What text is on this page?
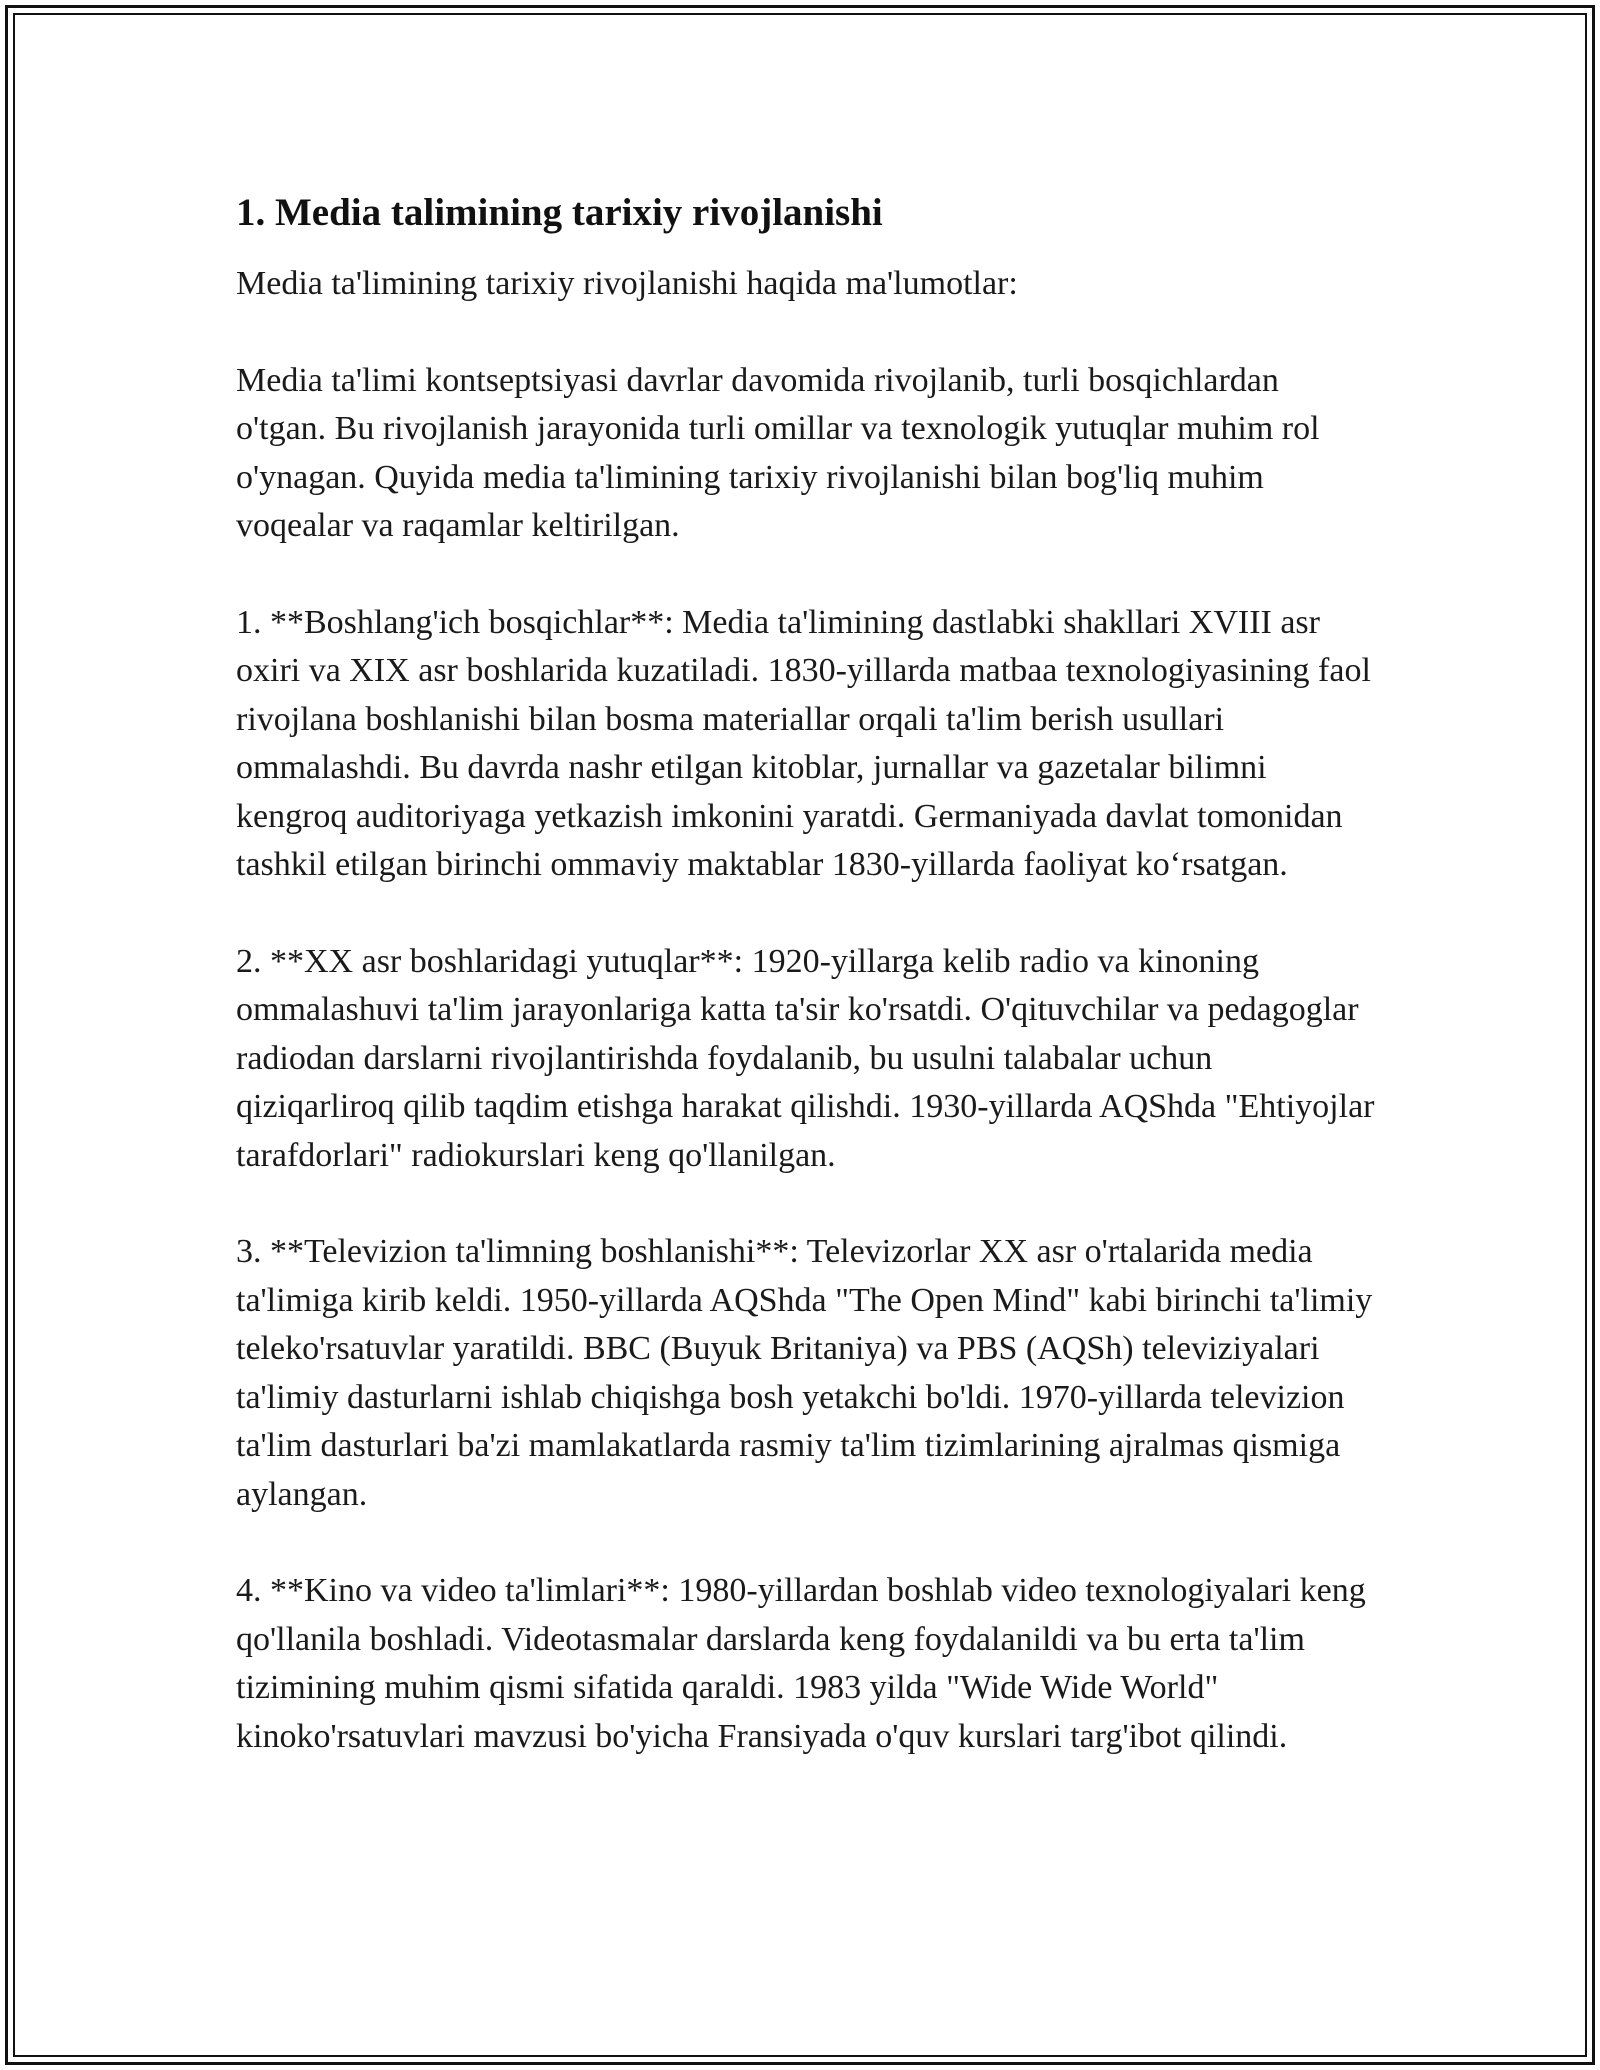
1. Media talimining tarixiy rivojlanishi

Media ta'limining tarixiy rivojlanishi haqida ma'lumotlar:

Media ta'limi kontseptsiyasi davrlar davomida rivojlanib, turli bosqichlardan o'tgan. Bu rivojlanish jarayonida turli omillar va texnologik yutuqlar muhim rol o'ynagan. Quyida media ta'limining tarixiy rivojlanishi bilan bog'liq muhim voqealar va raqamlar keltirilgan.

1. **Boshlang'ich bosqichlar**: Media ta'limining dastlabki shakllari XVIII asr oxiri va XIX asr boshlarida kuzatiladi. 1830-yillarda matbaa texnologiyasining faol rivojlana boshlanishi bilan bosma materiallar orqali ta'lim berish usullari ommalashdi. Bu davrda nashr etilgan kitoblar, jurnallar va gazetalar bilimni kengroq auditoriyaga yetkazish imkonini yaratdi. Germaniyada davlat tomonidan tashkil etilgan birinchi ommaviy maktablar 1830-yillarda faoliyat ko‘rsatgan.

2. **XX asr boshlaridagi yutuqlar**: 1920-yillarga kelib radio va kinoning ommalashuvi ta'lim jarayonlariga katta ta'sir ko'rsatdi. O'qituvchilar va pedagoglar radiodan darslarni rivojlantirishda foydalanib, bu usulni talabalar uchun qiziqarliroq qilib taqdim etishga harakat qilishdi. 1930-yillarda AQShda "Ehtiyojlar tarafdorlari" radiokurslari keng qo'llanilgan.

3. **Televizion ta'limning boshlanishi**: Televizorlar XX asr o'rtalarida media ta'limiga kirib keldi. 1950-yillarda AQShda "The Open Mind" kabi birinchi ta'limiy teleko'rsatuvlar yaratildi. BBC (Buyuk Britaniya) va PBS (AQSh) televiziyalari ta'limiy dasturlarni ishlab chiqishga bosh yetakchi bo'ldi. 1970-yillarda televizion ta'lim dasturlari ba'zi mamlakatlarda rasmiy ta'lim tizimlarining ajralmas qismiga aylangan.

4. **Kino va video ta'limlari**: 1980-yillardan boshlab video texnologiyalari keng qo'llanila boshladi. Videotasmalar darslarda keng foydalanildi va bu erta ta'lim tizimining muhim qismi sifatida qaraldi. 1983 yilda "Wide Wide World" kinoko'rsatuvlari mavzusi bo'yicha Fransiyada o'quv kurslari targ'ibot qilindi.
